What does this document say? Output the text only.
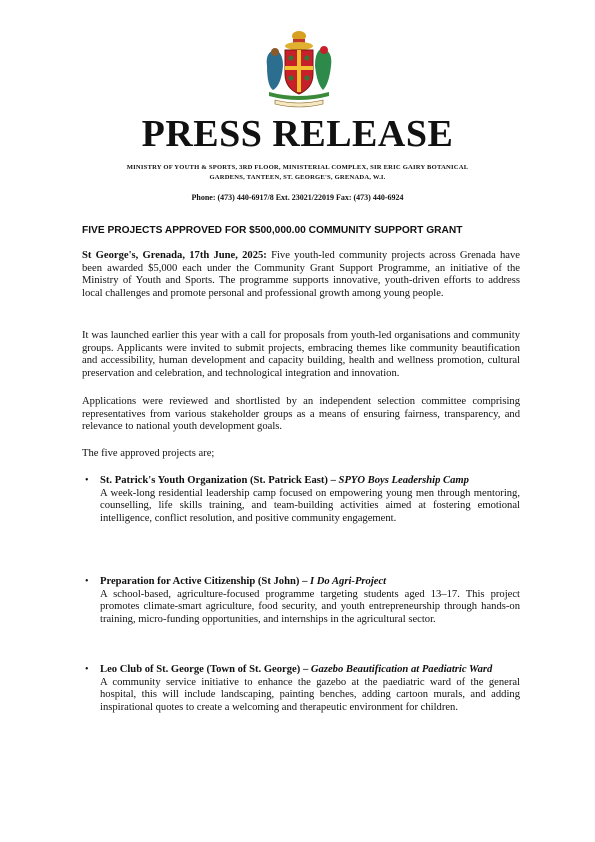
PRESS RELEASE
MINISTRY OF YOUTH & SPORTS, 3RD FLOOR, MINISTERIAL COMPLEX, SIR ERIC GAIRY BOTANICAL
GARDENS, TANTEEN, ST. GEORGE'S, GRENADA, W.I.
Phone: (473) 440-6917/8 Ext. 23021/22019 Fax: (473) 440-6924
FIVE PROJECTS APPROVED FOR $500,000.00 COMMUNITY SUPPORT GRANT

St George's, Grenada, 17th June, 2025: Five youth-led community projects across Grenada have been awarded $5,000 each under the Community Grant Support Programme, an initiative of the Ministry of Youth and Sports. The programme supports innovative, youth-driven efforts to address local challenges and promote personal and professional growth among young people.

It was launched earlier this year with a call for proposals from youth-led organisations and community groups. Applicants were invited to submit projects, embracing themes like community beautification and accessibility, human development and capacity building, health and wellness promotion, cultural preservation and celebration, and technological integration and innovation.

Applications were reviewed and shortlisted by an independent selection committee comprising representatives from various stakeholder groups as a means of ensuring fairness, transparency, and relevance to national youth development goals.

The five approved projects are;

• St. Patrick's Youth Organization (St. Patrick East) – SPYO Boys Leadership Camp
A week-long residential leadership camp focused on empowering young men through mentoring, counselling, life skills training, and team-building activities aimed at fostering emotional intelligence, conflict resolution, and positive community engagement.
• Preparation for Active Citizenship (St John) – I Do Agri-Project
A school-based, agriculture-focused programme targeting students aged 13–17. This project promotes climate-smart agriculture, food security, and youth entrepreneurship through hands-on training, micro-funding opportunities, and internships in the agricultural sector.
• Leo Club of St. George (Town of St. George) – Gazebo Beautification at Paediatric Ward
A community service initiative to enhance the gazebo at the paediatric ward of the general hospital, this will include landscaping, painting benches, adding cartoon murals, and adding inspirational quotes to create a welcoming and therapeutic environment for children.
